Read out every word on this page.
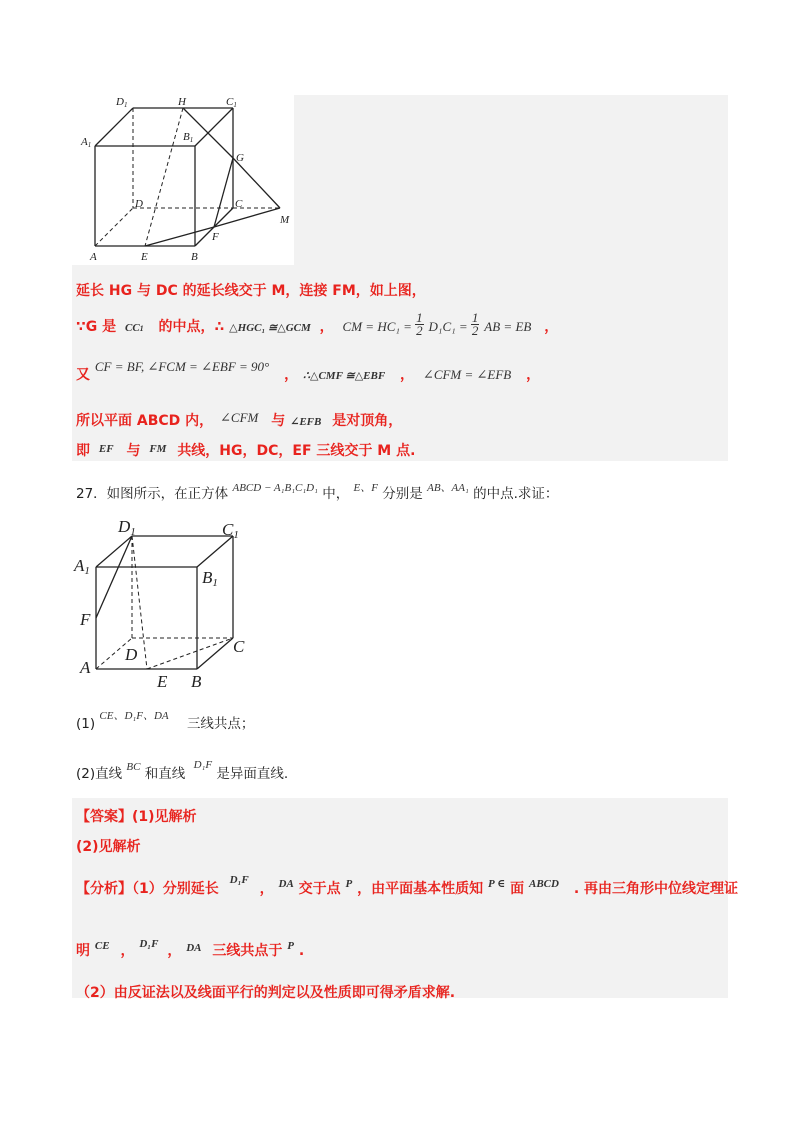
D1	H	C1
A1
B1
G
D	C
M
F
A	E	B
延长 HG 与 DC 的延长线交于 M，连接 FM，如上图，
∵G 是 CC1 的中点，∴ △HGC₁ ≅△GCM ， CM = $HC_1 = \frac{1}{2} D_1C_1 = \frac{1}{2}$ AB = EB ，
又 CF = BF, ∠FCM = ∠EBF = 90° ， ∴△CMF ≅△EBF ， ∠CFM = ∠EFB ，
所以平面 ABCD 内， ∠CFM 与 ∠EFB 是对顶角，
即 $^{EF}$ 与 $^{FM}$ 共线，HG，DC，EF 三线交于 M 点.
27．如图所示，在正方体 $^{ABCD - A_1B_1C_1D_1}$ 中， $^{E、F}$ 分别是 $^{AB、AA_1}$ 的中点.求证：
D1	C1
A1	B1
F
D	C
A
E B
(1) $^{CE、D_1F、DA}$ 三线共点；
(2)直线 $^{BC}$ 和直线 $^{D_1F}$ 是异面直线.
【答案】(1)见解析
(2)见解析
【分析】（1）分别延长 $^{D_1F}$ ， $^{DA}$ 交于点 $^P$ ，由平面基本性质知 $^{P \in}$ 面 $^{ABCD}$ . 再由三角形中位线定理证
明 $^{CE}$ ， $^{D_1F}$ ， $^{DA}$ 三线共点于 $^P$ .
（2）由反证法以及线面平行的判定以及性质即可得矛盾求解.
